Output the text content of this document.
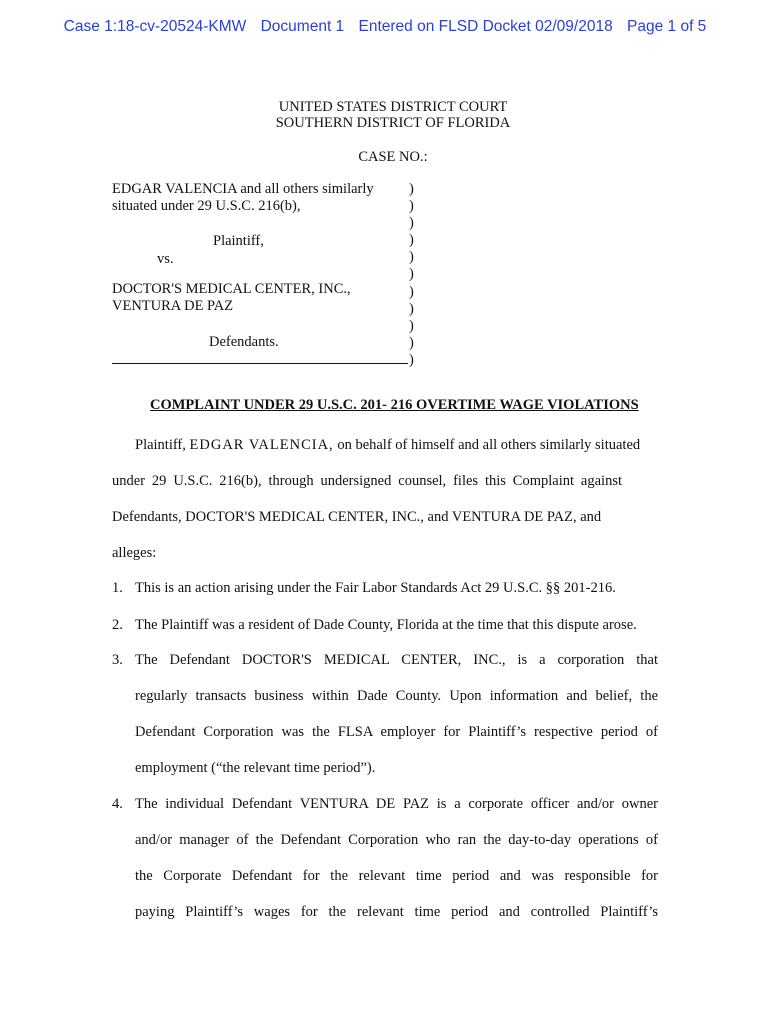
Case 1:18-cv-20524-KMW Document 1 Entered on FLSD Docket 02/09/2018 Page 1 of 5
UNITED STATES DISTRICT COURT
SOUTHERN DISTRICT OF FLORIDA
CASE NO.:
EDGAR VALENCIA and all others similarly
situated under 29 U.S.C. 216(b),
Plaintiff,
vs.
DOCTOR'S MEDICAL CENTER, INC.,
VENTURA DE PAZ
Defendants.
)
)
)
)
)
)
)
)
)
)
)
COMPLAINT UNDER 29 U.S.C. 201- 216 OVERTIME WAGE VIOLATIONS
Plaintiff, EDGAR VALENCIA, on behalf of himself and all others similarly situated
under 29 U.S.C. 216(b), through undersigned counsel, files this Complaint against
Defendants, DOCTOR'S MEDICAL CENTER, INC., and VENTURA DE PAZ, and
alleges:
1. This is an action arising under the Fair Labor Standards Act 29 U.S.C. §§ 201-216.
2. The Plaintiff was a resident of Dade County, Florida at the time that this dispute arose.
3. The Defendant DOCTOR'S MEDICAL CENTER, INC., is a corporation that
regularly transacts business within Dade County. Upon information and belief, the
Defendant Corporation was the FLSA employer for Plaintiff’s respective period of
employment (“the relevant time period”).
4. The individual Defendant VENTURA DE PAZ is a corporate officer and/or owner
and/or manager of the Defendant Corporation who ran the day-to-day operations of
the Corporate Defendant for the relevant time period and was responsible for
paying Plaintiff’s wages for the relevant time period and controlled Plaintiff’s
